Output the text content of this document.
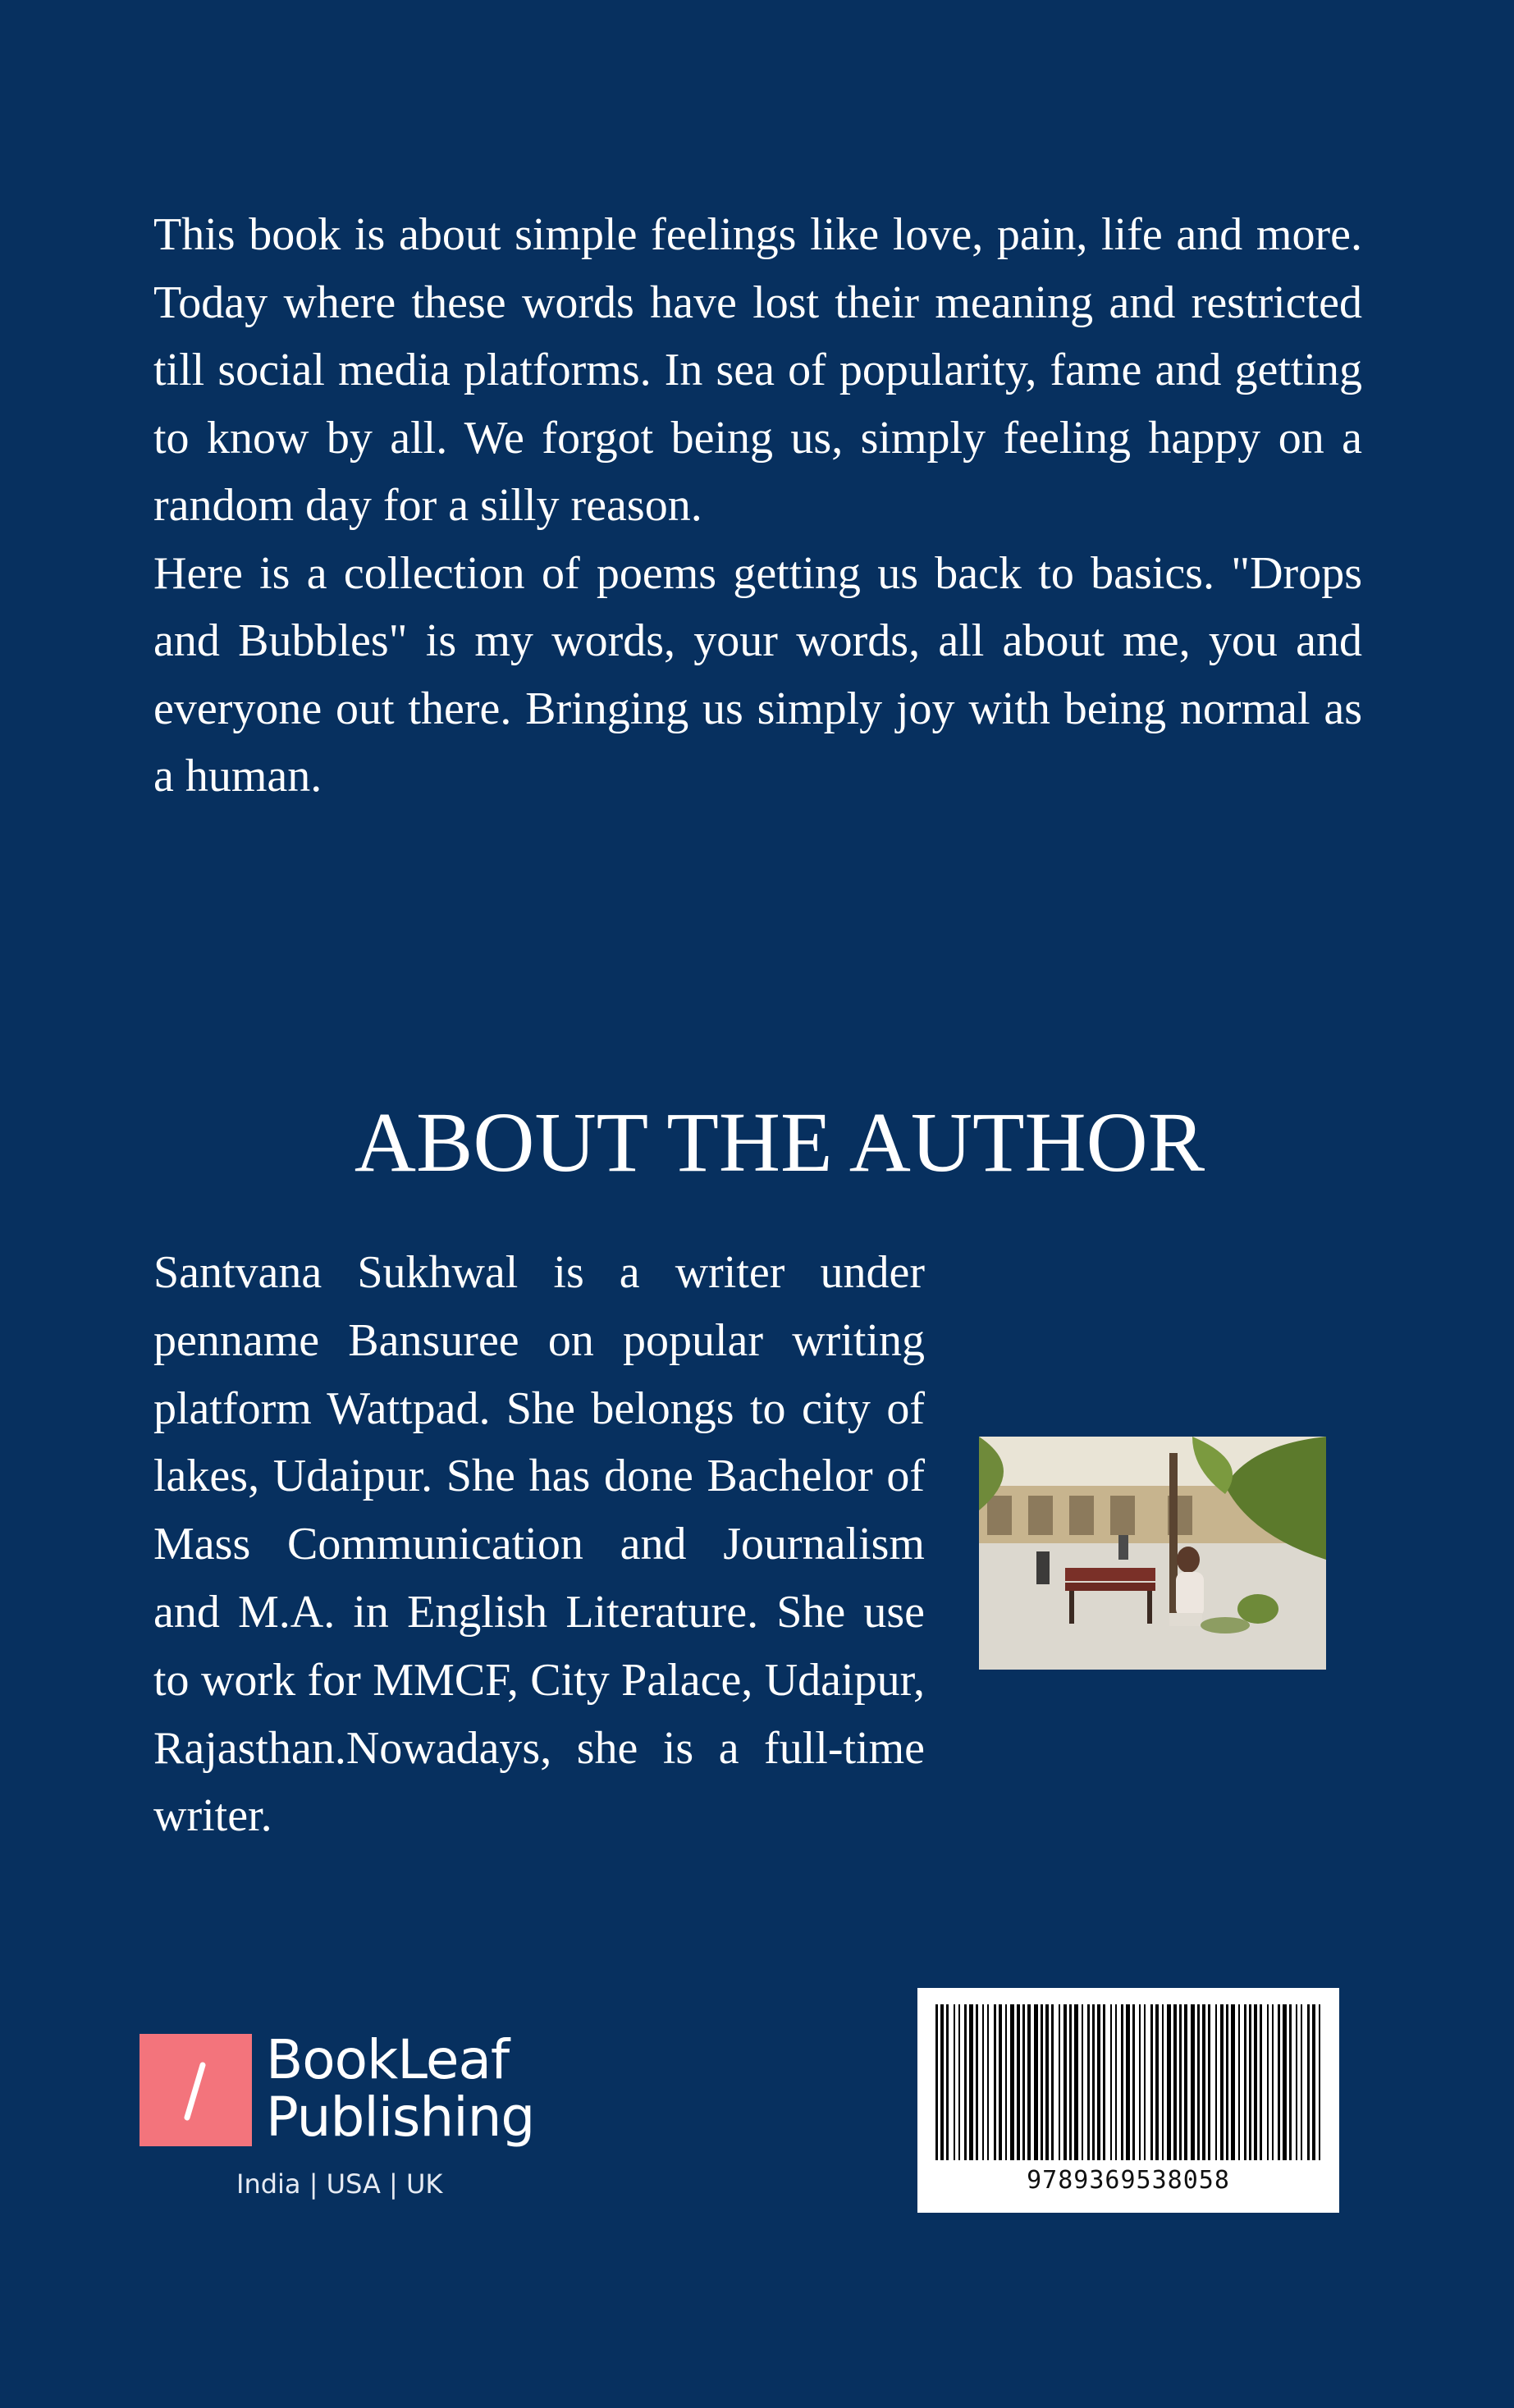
This book is about simple feelings like love, pain, life and more. Today where these words have lost their meaning and restricted till social media platforms. In sea of popularity, fame and getting to know by all. We forgot being us, simply feeling happy on a random day for a silly reason.

Here is a collection of poems getting us back to basics. "Drops and Bubbles" is my words, your words, all about me, you and everyone out there. Bringing us simply joy with being normal as a human.

ABOUT THE AUTHOR

Santvana Sukhwal is a writer under penname Bansuree on popular writing platform Wattpad. She belongs to city of lakes, Udaipur. She has done Bachelor of Mass Communication and Journalism and M.A. in English Literature. She use to work for MMCF, City Palace, Udaipur, Rajasthan.Nowadays, she is a full-time writer.

BookLeaf
Publishing
India | USA | UK	9789369538058
